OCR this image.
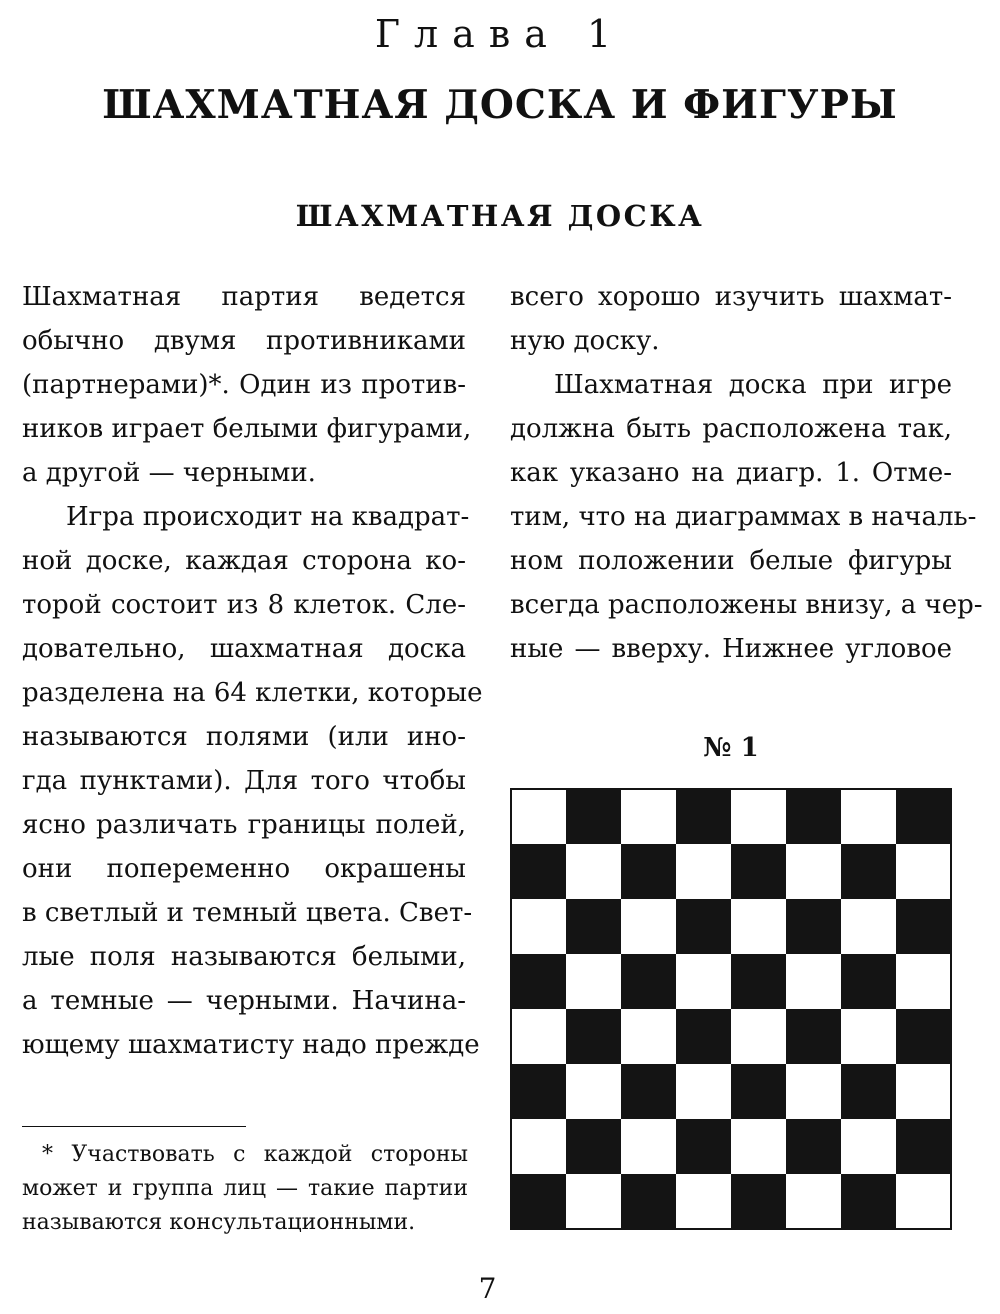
Глава 1
ШАХМАТНАЯ ДОСКА И ФИГУРЫ
ШАХМАТНАЯ ДОСКА
Шахматная партия ведется
обычно двумя противниками
(партнерами)*. Один из против-
ников играет белыми фигурами,
а другой — черными.
Игра происходит на квадрат-
ной доске, каждая сторона ко-
торой состоит из 8 клеток. Сле-
довательно, шахматная доска
разделена на 64 клетки, которые
называются полями (или ино-
гда пунктами). Для того чтобы
ясно различать границы полей,
они попеременно окрашены
в светлый и темный цвета. Свет-
лые поля называются белыми,
а темные — черными. Начина-
ющему шахматисту надо прежде
всего хорошо изучить шахмат-
ную доску.
Шахматная доска при игре
должна быть расположена так,
как указано на диагр. 1. Отме-
тим, что на диаграммах в началь-
ном положении белые фигуры
всегда расположены внизу, а чер-
ные — вверху. Нижнее угловое
* Участвовать с каждой стороны
может и группа лиц — такие партии
называются консультационными.
№ 1
7
